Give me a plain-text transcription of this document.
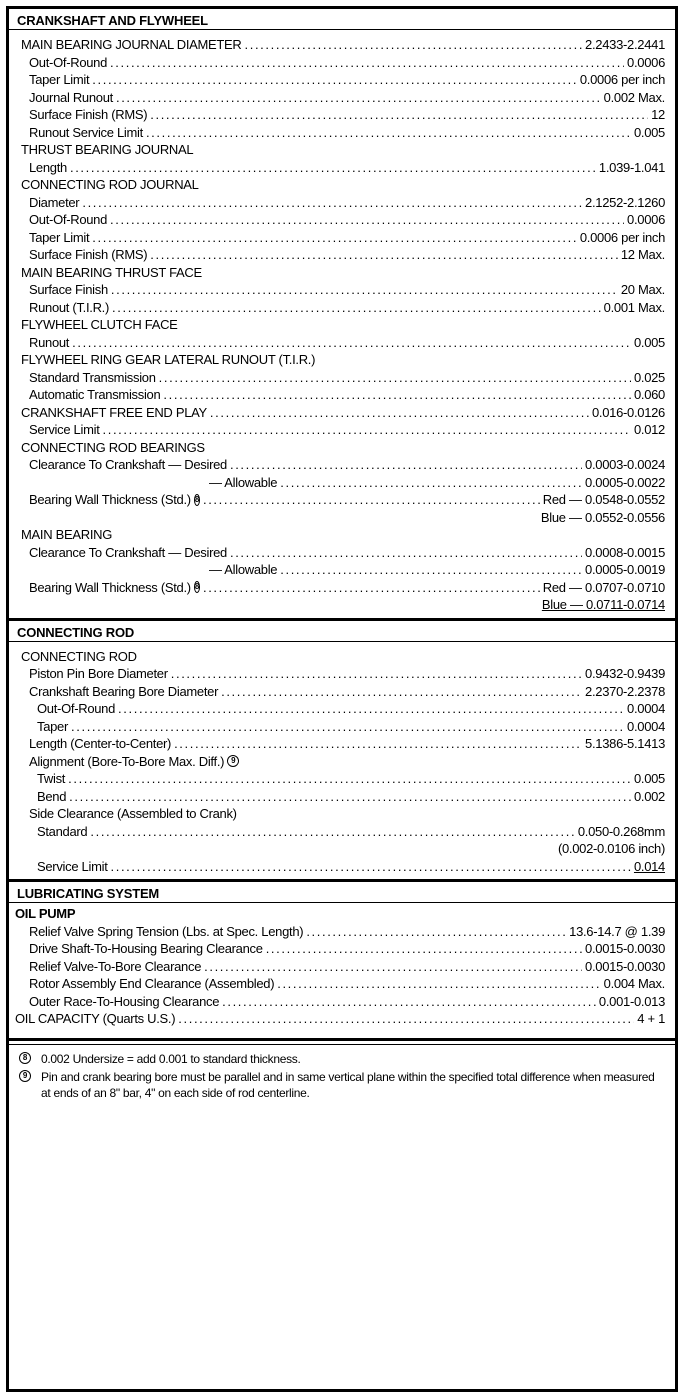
CRANKSHAFT AND FLYWHEEL
MAIN BEARING JOURNAL DIAMETER . . .	2.2433-2.2441
Out-Of-Round . . .	0.0006
Taper Limit . . .	0.0006 per inch
Journal Runout . . .	0.002 Max.
Surface Finish (RMS) . . .	12
Runout Service Limit . . .	0.005
THRUST BEARING JOURNAL
Length . . .	1.039-1.041
CONNECTING ROD JOURNAL
Diameter . . .	2.1252-2.1260
Out-Of-Round . . .	0.0006
Taper Limit . . .	0.0006 per inch
Surface Finish (RMS) . . .	12 Max.
MAIN BEARING THRUST FACE
Surface Finish . . .	20 Max.
Runout (T.I.R.) . . .	0.001 Max.
FLYWHEEL CLUTCH FACE
Runout . . .	0.005
FLYWHEEL RING GEAR LATERAL RUNOUT (T.I.R.)
Standard Transmission . . .	0.025
Automatic Transmission . . .	0.060
CRANKSHAFT FREE END PLAY . . .	0.016-0.0126
Service Limit . . .	0.012
CONNECTING ROD BEARINGS
Clearance To Crankshaft — Desired . . .	0.0003-0.0024
— Allowable . . .	0.0005-0.0022
Bearing Wall Thickness (Std.) 8 . . .	Red — 0.0548-0.0552
Blue — 0.0552-0.0556
MAIN BEARING
Clearance To Crankshaft — Desired . . .	0.0008-0.0015
— Allowable . . .	0.0005-0.0019
Bearing Wall Thickness (Std.) 8 . . .	Red — 0.0707-0.0710
Blue — 0.0711-0.0714
CONNECTING ROD
CONNECTING ROD
Piston Pin Bore Diameter . . .	0.9432-0.9439
Crankshaft Bearing Bore Diameter . . .	2.2370-2.2378
Out-Of-Round . . .	0.0004
Taper . . .	0.0004
Length (Center-to-Center) . . .	5.1386-5.1413
Alignment (Bore-To-Bore Max. Diff.) 9
Twist . . .	0.005
Bend . . .	0.002
Side Clearance (Assembled to Crank)
Standard . . .	0.050-0.268mm
(0.002-0.0106 inch)
Service Limit . . .	0.014
LUBRICATING SYSTEM
OIL PUMP
Relief Valve Spring Tension (Lbs. at Spec. Length) . . .	13.6-14.7 @ 1.39
Drive Shaft-To-Housing Bearing Clearance . . .	0.0015-0.0030
Relief Valve-To-Bore Clearance . . .	0.0015-0.0030
Rotor Assembly End Clearance (Assembled) . . .	0.004 Max.
Outer Race-To-Housing Clearance . . .	0.001-0.013
OIL CAPACITY (Quarts U.S.) . . .	4 + 1
8	0.002 Undersize = add 0.001 to standard thickness.
9	Pin and crank bearing bore must be parallel and in same vertical plane within the specified total difference when measured at ends of an 8" bar, 4" on each side of rod centerline.
